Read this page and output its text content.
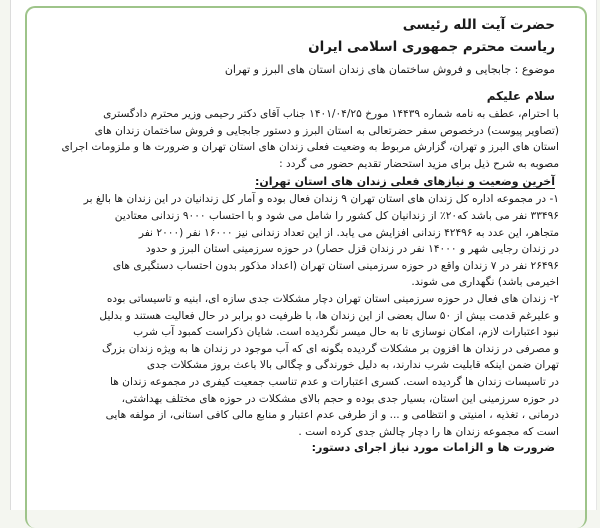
حضرت آیت الله رئیسی
ریاست محترم جمهوری اسلامی ایران
موضوع : جابجایی و فروش ساختمان های زندان استان های البرز و تهران
سلام علیکم

با احترام، عطف به نامه شماره ۱۴۴۳۹ مورخ ۱۴۰۱/۰۴/۲۵ جناب آقای دکتر رحیمی وزیر محترم دادگستری

(تصاویر پیوست) درخصوص سفر حضرتعالی به استان البرز و دستور جابجایی و فروش ساختمان زندان های

استان های البرز و تهران، گزارش مربوط به وضعیت فعلی زندان های استان تهران و ضرورت ها و ملزومات اجرای

مصوبه به شرح ذیل برای مزید استحضار تقدیم حضور می گردد :

آخرین وضعیت و نیازهای فعلی زندان های استان تهران:

۱- در مجموعه اداره کل زندان های استان تهران ۹ زندان فعال بوده و آمار کل زندانیان در این زندان ها بالغ بر

۳۳۴۹۶ نفر می باشد که۲۰٪ از زندانیان کل کشور را شامل می شود و با احتساب ۹۰۰۰ زندانی معتادین

متجاهر، این عدد به ۴۲۴۹۶ زندانی افزایش می یابد. از این تعداد زندانی نیز ۱۶۰۰۰ نفر (۲۰۰۰ نفر

در زندان رجایی شهر و ۱۴۰۰۰ نفر در زندان قزل حصار) در حوزه سرزمینی استان البرز و حدود

۲۶۴۹۶ نفر در ۷ زندان واقع در حوزه سرزمینی استان تهران (اعداد مذکور بدون احتساب دستگیری های

اخیرمی باشد) نگهداری می شوند.

۲- زندان های فعال در حوزه سرزمینی استان تهران دچار مشکلات جدی سازه ای، ابنیه و تاسیساتی بوده

و علیرغم قدمت بیش از ۵۰ سال بعضی از این زندان ها، با ظرفیت دو برابر در حال فعالیت هستند و بدلیل

نبود اعتبارات لازم، امکان نوسازی تا به حال میسر نگردیده است. شایان ذکراست کمبود آب شرب

و مصرفی در زندان ها افزون بر مشکلات گردیده بگونه ای که آب موجود در زندان ها به ویژه زندان بزرگ

تهران ضمن اینکه قابلیت شرب ندارند، به دلیل خورندگی و چگالی بالا باعث بروز مشکلات جدی

در تاسیسات زندان ها گردیده است. کسری اعتبارات و عدم تناسب جمعیت کیفری در مجموعه زندان ها

در حوزه سرزمینی این استان، بسیار جدی بوده و حجم بالای مشکلات در حوزه های مختلف بهداشتی،

درمانی ، تغذیه ، امنیتی و انتظامی و ... و از طرفی عدم اعتبار و منابع مالی کافی استانی، از مولفه هایی

است که مجموعه زندان ها را دچار چالش جدی کرده است .

ضرورت ها و الزامات مورد نیاز اجرای دستور:
